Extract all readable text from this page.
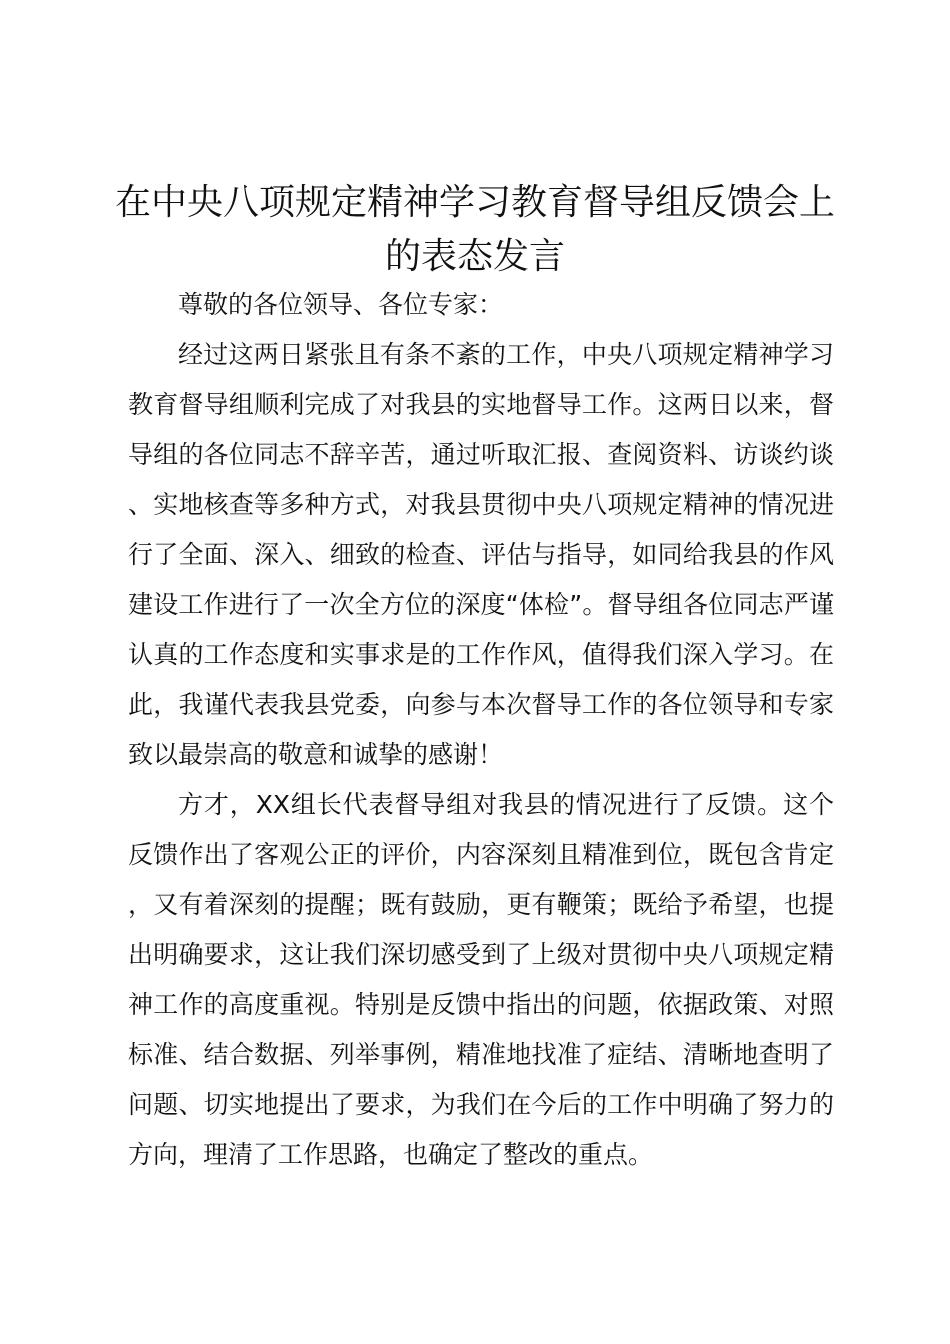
在中央八项规定精神学习教育督导组反馈会上的表态发言

尊敬的各位领导、各位专家：

经过这两日紧张且有条不紊的工作，中央八项规定精神学习教育督导组顺利完成了对我县的实地督导工作。这两日以来，督导组的各位同志不辞辛苦，通过听取汇报、查阅资料、访谈约谈、实地核查等多种方式，对我县贯彻中央八项规定精神的情况进行了全面、深入、细致的检查、评估与指导，如同给我县的作风建设工作进行了一次全方位的深度“体检”。督导组各位同志严谨认真的工作态度和实事求是的工作作风，值得我们深入学习。在此，我谨代表我县党委，向参与本次督导工作的各位领导和专家致以最崇高的敬意和诚挚的感谢！

方才，XX组长代表督导组对我县的情况进行了反馈。这个反馈作出了客观公正的评价，内容深刻且精准到位，既包含肯定，又有着深刻的提醒；既有鼓励，更有鞭策；既给予希望，也提出明确要求，这让我们深切感受到了上级对贯彻中央八项规定精神工作的高度重视。特别是反馈中指出的问题，依据政策、对照标准、结合数据、列举事例，精准地找准了症结、清晰地查明了问题、切实地提出了要求，为我们在今后的工作中明确了努力的方向，理清了工作思路，也确定了整改的重点。
